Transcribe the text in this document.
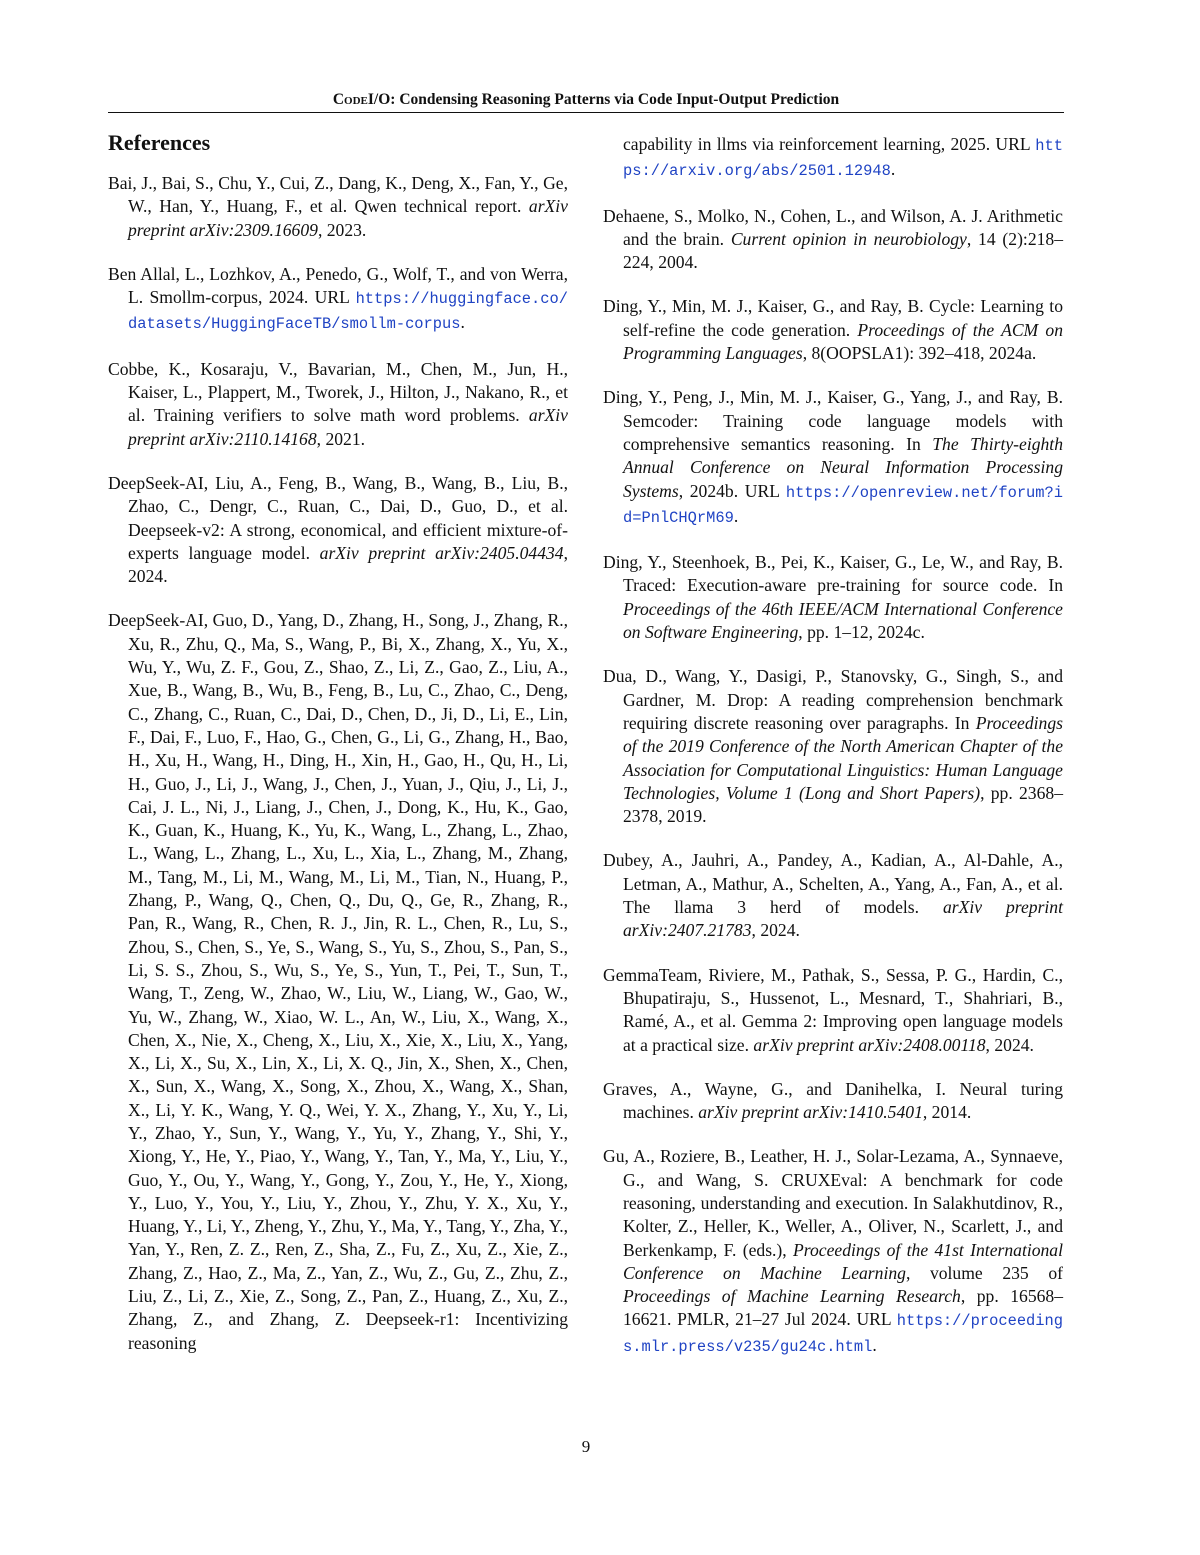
CodeI/O: Condensing Reasoning Patterns via Code Input-Output Prediction
References

Bai, J., Bai, S., Chu, Y., Cui, Z., Dang, K., Deng, X., Fan, Y., Ge, W., Han, Y., Huang, F., et al. Qwen technical report. arXiv preprint arXiv:2309.16609, 2023.

Ben Allal, L., Lozhkov, A., Penedo, G., Wolf, T., and von Werra, L. Smollm-corpus, 2024. URL https://huggingface.co/datasets/HuggingFaceTB/smollm-corpus.

Cobbe, K., Kosaraju, V., Bavarian, M., Chen, M., Jun, H., Kaiser, L., Plappert, M., Tworek, J., Hilton, J., Nakano, R., et al. Training verifiers to solve math word problems. arXiv preprint arXiv:2110.14168, 2021.

DeepSeek-AI, Liu, A., Feng, B., Wang, B., Wang, B., Liu, B., Zhao, C., Dengr, C., Ruan, C., Dai, D., Guo, D., et al. Deepseek-v2: A strong, economical, and efficient mixture-of-experts language model. arXiv preprint arXiv:2405.04434, 2024.

DeepSeek-AI, Guo, D., Yang, D., Zhang, H., Song, J., Zhang, R., Xu, R., Zhu, Q., Ma, S., Wang, P., Bi, X., Zhang, X., Yu, X., Wu, Y., Wu, Z. F., Gou, Z., Shao, Z., Li, Z., Gao, Z., Liu, A., Xue, B., Wang, B., Wu, B., Feng, B., Lu, C., Zhao, C., Deng, C., Zhang, C., Ruan, C., Dai, D., Chen, D., Ji, D., Li, E., Lin, F., Dai, F., Luo, F., Hao, G., Chen, G., Li, G., Zhang, H., Bao, H., Xu, H., Wang, H., Ding, H., Xin, H., Gao, H., Qu, H., Li, H., Guo, J., Li, J., Wang, J., Chen, J., Yuan, J., Qiu, J., Li, J., Cai, J. L., Ni, J., Liang, J., Chen, J., Dong, K., Hu, K., Gao, K., Guan, K., Huang, K., Yu, K., Wang, L., Zhang, L., Zhao, L., Wang, L., Zhang, L., Xu, L., Xia, L., Zhang, M., Zhang, M., Tang, M., Li, M., Wang, M., Li, M., Tian, N., Huang, P., Zhang, P., Wang, Q., Chen, Q., Du, Q., Ge, R., Zhang, R., Pan, R., Wang, R., Chen, R. J., Jin, R. L., Chen, R., Lu, S., Zhou, S., Chen, S., Ye, S., Wang, S., Yu, S., Zhou, S., Pan, S., Li, S. S., Zhou, S., Wu, S., Ye, S., Yun, T., Pei, T., Sun, T., Wang, T., Zeng, W., Zhao, W., Liu, W., Liang, W., Gao, W., Yu, W., Zhang, W., Xiao, W. L., An, W., Liu, X., Wang, X., Chen, X., Nie, X., Cheng, X., Liu, X., Xie, X., Liu, X., Yang, X., Li, X., Su, X., Lin, X., Li, X. Q., Jin, X., Shen, X., Chen, X., Sun, X., Wang, X., Song, X., Zhou, X., Wang, X., Shan, X., Li, Y. K., Wang, Y. Q., Wei, Y. X., Zhang, Y., Xu, Y., Li, Y., Zhao, Y., Sun, Y., Wang, Y., Yu, Y., Zhang, Y., Shi, Y., Xiong, Y., He, Y., Piao, Y., Wang, Y., Tan, Y., Ma, Y., Liu, Y., Guo, Y., Ou, Y., Wang, Y., Gong, Y., Zou, Y., He, Y., Xiong, Y., Luo, Y., You, Y., Liu, Y., Zhou, Y., Zhu, Y. X., Xu, Y., Huang, Y., Li, Y., Zheng, Y., Zhu, Y., Ma, Y., Tang, Y., Zha, Y., Yan, Y., Ren, Z. Z., Ren, Z., Sha, Z., Fu, Z., Xu, Z., Xie, Z., Zhang, Z., Hao, Z., Ma, Z., Yan, Z., Wu, Z., Gu, Z., Zhu, Z., Liu, Z., Li, Z., Xie, Z., Song, Z., Pan, Z., Huang, Z., Xu, Z., Zhang, Z., and Zhang, Z. Deepseek-r1: Incentivizing reasoning

capability in llms via reinforcement learning, 2025. URL https://arxiv.org/abs/2501.12948.

Dehaene, S., Molko, N., Cohen, L., and Wilson, A. J. Arithmetic and the brain. Current opinion in neurobiology, 14 (2):218–224, 2004.

Ding, Y., Min, M. J., Kaiser, G., and Ray, B. Cycle: Learning to self-refine the code generation. Proceedings of the ACM on Programming Languages, 8(OOPSLA1): 392–418, 2024a.

Ding, Y., Peng, J., Min, M. J., Kaiser, G., Yang, J., and Ray, B. Semcoder: Training code language models with comprehensive semantics reasoning. In The Thirty-eighth Annual Conference on Neural Information Processing Systems, 2024b. URL https://openreview.net/forum?id=PnlCHQrM69.

Ding, Y., Steenhoek, B., Pei, K., Kaiser, G., Le, W., and Ray, B. Traced: Execution-aware pre-training for source code. In Proceedings of the 46th IEEE/ACM International Conference on Software Engineering, pp. 1–12, 2024c.

Dua, D., Wang, Y., Dasigi, P., Stanovsky, G., Singh, S., and Gardner, M. Drop: A reading comprehension benchmark requiring discrete reasoning over paragraphs. In Proceedings of the 2019 Conference of the North American Chapter of the Association for Computational Linguistics: Human Language Technologies, Volume 1 (Long and Short Papers), pp. 2368–2378, 2019.

Dubey, A., Jauhri, A., Pandey, A., Kadian, A., Al-Dahle, A., Letman, A., Mathur, A., Schelten, A., Yang, A., Fan, A., et al. The llama 3 herd of models. arXiv preprint arXiv:2407.21783, 2024.

GemmaTeam, Riviere, M., Pathak, S., Sessa, P. G., Hardin, C., Bhupatiraju, S., Hussenot, L., Mesnard, T., Shahriari, B., Ramé, A., et al. Gemma 2: Improving open language models at a practical size. arXiv preprint arXiv:2408.00118, 2024.

Graves, A., Wayne, G., and Danihelka, I. Neural turing machines. arXiv preprint arXiv:1410.5401, 2014.

Gu, A., Roziere, B., Leather, H. J., Solar-Lezama, A., Synnaeve, G., and Wang, S. CRUXEval: A benchmark for code reasoning, understanding and execution. In Salakhutdinov, R., Kolter, Z., Heller, K., Weller, A., Oliver, N., Scarlett, J., and Berkenkamp, F. (eds.), Proceedings of the 41st International Conference on Machine Learning, volume 235 of Proceedings of Machine Learning Research, pp. 16568–16621. PMLR, 21–27 Jul 2024. URL https://proceedings.mlr.press/v235/gu24c.html.

9
